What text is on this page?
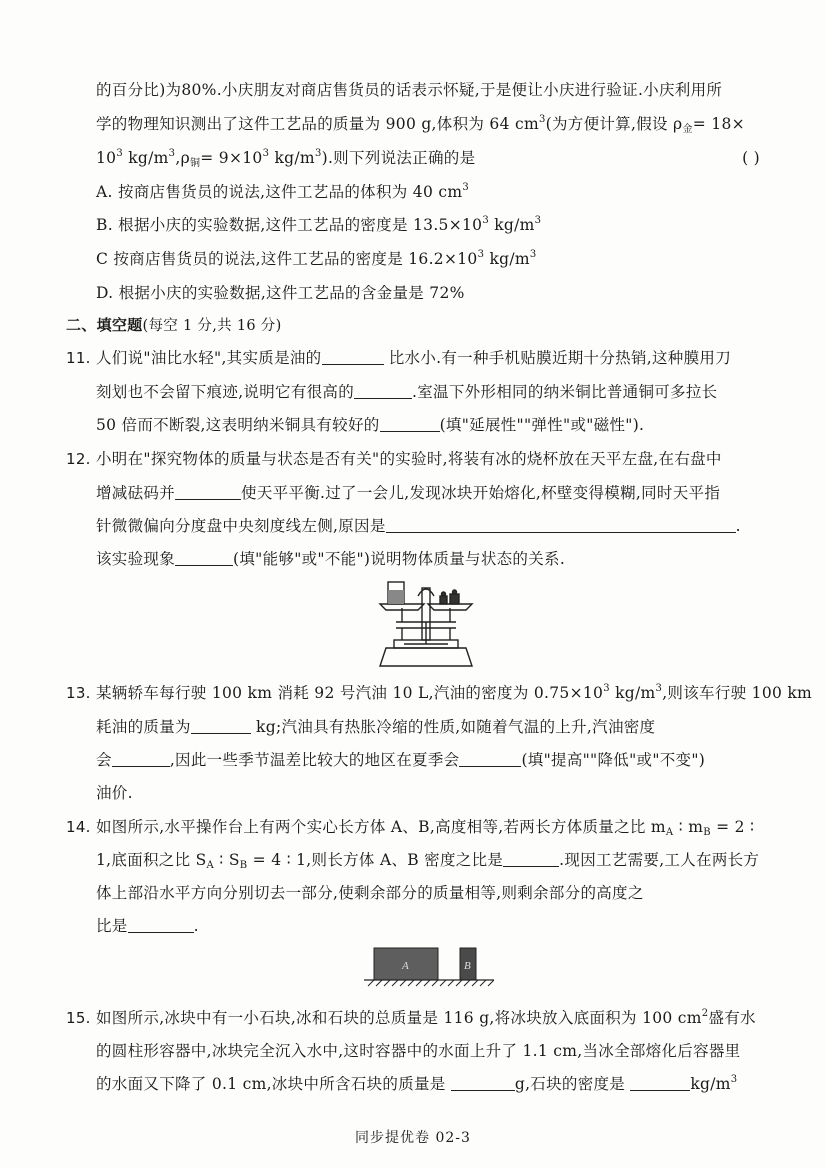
的百分比)为80%.小庆朋友对商店售货员的话表示怀疑,于是便让小庆进行验证.小庆利用所
学的物理知识测出了这件工艺品的质量为 900 g,体积为 64 $cm^3$(为方便计算,假设 $\rho_金= 18\times$
$10^3$ $kg/m^3,\rho_铜= 9\times 10^3$ $kg/m^3$).则下列说法正确的是	( )
A. 按商店售货员的说法,这件工艺品的体积为 40 $cm^3$
B. 根据小庆的实验数据,这件工艺品的密度是 $13.5\times 10^3$ $kg/m^3$
C 按商店售货员的说法,这件工艺品的密度是 $16.2\times 10^3$ $kg/m^3$
D. 根据小庆的实验数据,这件工艺品的含金量是 72%
二、填空题(每空 1 分,共 16 分)
11. 人们说"油比水轻",其实质是油的	比水小.有一种手机贴膜近期十分热销,这种膜用刀
刻划也不会留下痕迹,说明它有很高的	.室温下外形相同的纳米铜比普通铜可多拉长
50 倍而不断裂,这表明纳米铜具有较好的	(填"延展性""弹性"或"磁性").
12. 小明在"探究物体的质量与状态是否有关"的实验时,将装有冰的烧杯放在天平左盘,在右盘中
增减砝码并	使天平平衡.过了一会儿,发现冰块开始熔化,杯壁变得模糊,同时天平指
针微微偏向分度盘中央刻度线左侧,原因是	.
该实验现象	(填"能够"或"不能")说明物体质量与状态的关系.
13. 某辆轿车每行驶 100 km 消耗 92 号汽油 10 L,汽油的密度为 $0.75\times 10^3$ $kg/m^3$,则该车行驶 100 km
耗油的质量为	kg;汽油具有热胀冷缩的性质,如随着气温的上升,汽油密度
会	,因此一些季节温差比较大的地区在夏季会	(填"提高""降低"或"不变")
油价.
14. 如图所示,水平操作台上有两个实心长方体 A、B,高度相等,若两长方体质量之比 $m_A$ ∶ $m_B = 2$ ∶
1,底面积之比 $S_A$ ∶ $S_B = 4$ ∶ 1,则长方体 A、B 密度之比是	.现因工艺需要,工人在两长方
体上部沿水平方向分别切去一部分,使剩余部分的质量相等,则剩余部分的高度之
比是	.
A	B
15. 如图所示,冰块中有一小石块,冰和石块的总质量是 116 g,将冰块放入底面积为 100 $cm^2$盛有水
的圆柱形容器中,冰块完全沉入水中,这时容器中的水面上升了 1.1 cm,当冰全部熔化后容器里
的水面又下降了 0.1 cm,冰块中所含石块的质量是	g,石块的密度是	$kg/m^3$
同步提优卷 02-3
